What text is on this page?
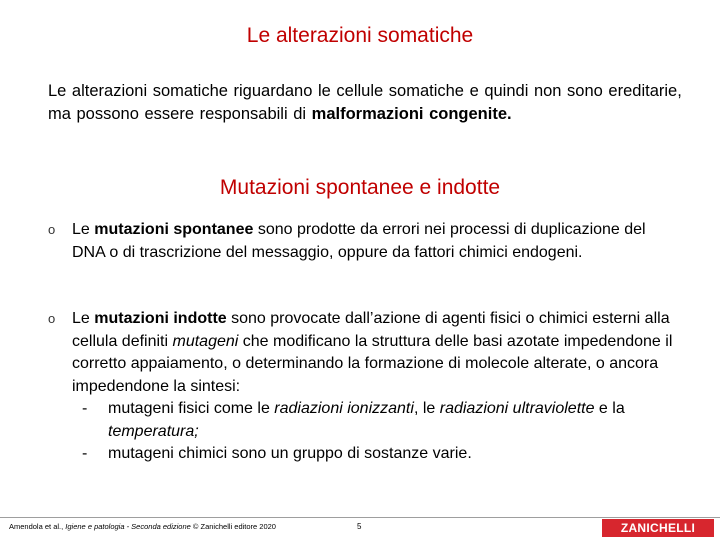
Le alterazioni somatiche
Le alterazioni somatiche riguardano le cellule somatiche e quindi non sono ereditarie, ma possono essere responsabili di malformazioni congenite.
Mutazioni spontanee e indotte
o Le mutazioni spontanee sono prodotte da errori nei processi di duplicazione del DNA o di trascrizione del messaggio, oppure da fattori chimici endogeni.
o Le mutazioni indotte sono provocate dall’azione di agenti fisici o chimici esterni alla cellula definiti mutageni che modificano la struttura delle basi azotate impedendone il corretto appaiamento, o determinando la formazione di molecole alterate, o ancora impedendone la sintesi:
- mutageni fisici come le radiazioni ionizzanti, le radiazioni ultraviolette e la temperatura;
- mutageni chimici sono un gruppo di sostanze varie.
Amendola et al., Igiene e patologia - Seconda edizione © Zanichelli editore 2020	5	ZANICHELLI
